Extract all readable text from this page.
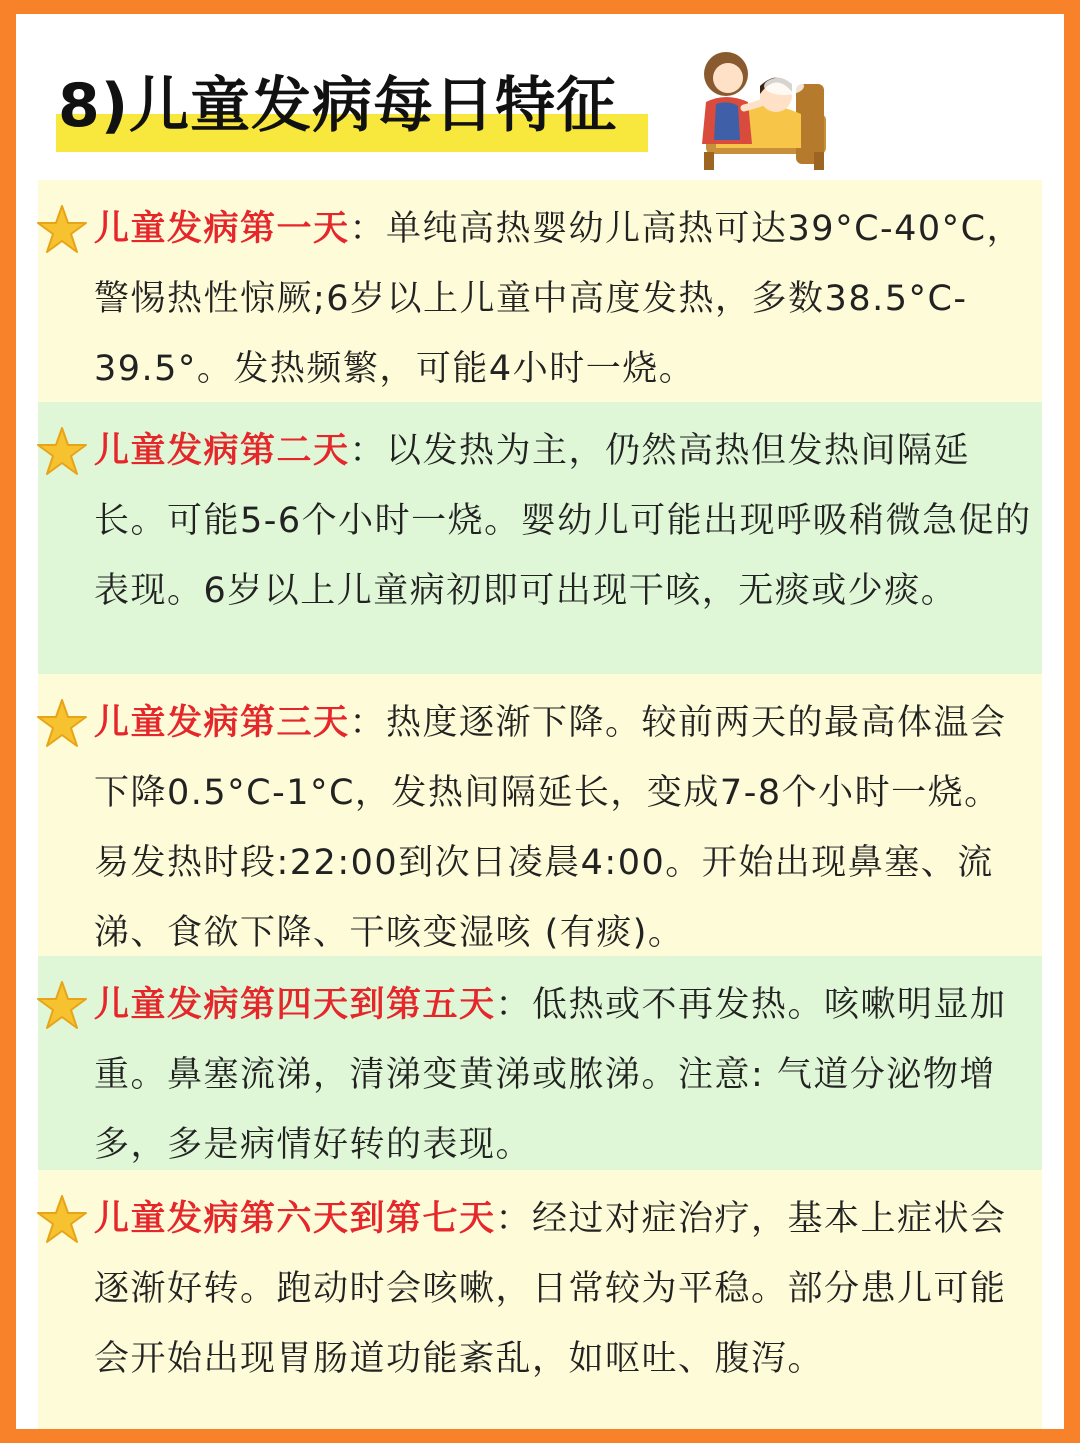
8)儿童发病每日特征

儿童发病第一天：单纯高热婴幼儿高热可达39°C-40°C，警惕热性惊厥;6岁以上儿童中高度发热，多数38.5°C-39.5°。发热频繁，可能4小时一烧。

儿童发病第二天：以发热为主，仍然高热但发热间隔延长。可能5-6个小时一烧。婴幼儿可能出现呼吸稍微急促的表现。6岁以上儿童病初即可出现干咳，无痰或少痰。

儿童发病第三天：热度逐渐下降。较前两天的最高体温会下降0.5°C-1°C，发热间隔延长，变成7-8个小时一烧。易发热时段:22:00到次日凌晨4:00。开始出现鼻塞、流涕、食欲下降、干咳变湿咳 (有痰)。

儿童发病第四天到第五天：低热或不再发热。咳嗽明显加重。鼻塞流涕，清涕变黄涕或脓涕。注意: 气道分泌物增多，多是病情好转的表现。

儿童发病第六天到第七天：经过对症治疗，基本上症状会逐渐好转。跑动时会咳嗽，日常较为平稳。部分患儿可能会开始出现胃肠道功能紊乱，如呕吐、腹泻。
